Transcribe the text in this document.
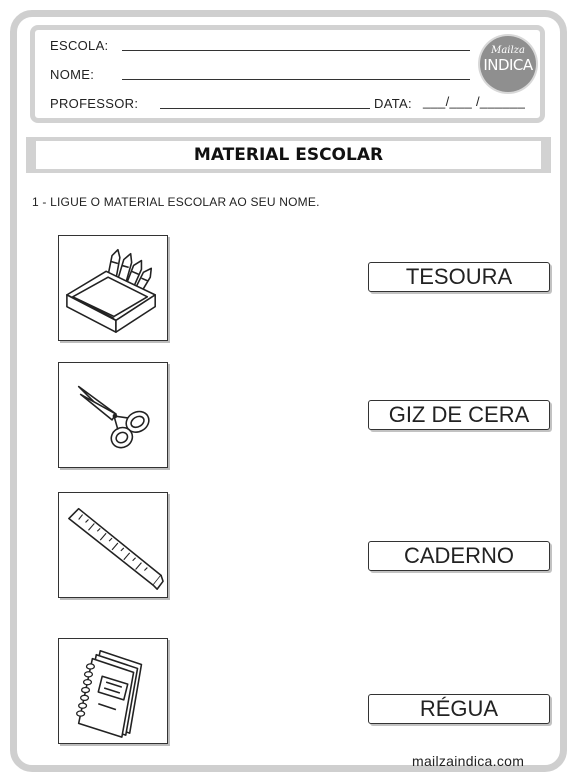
ESCOLA:
NOME:
PROFESSOR:	DATA: ___/___ /______
Mailza
INDICA
MATERIAL ESCOLAR
1 - LIGUE O MATERIAL ESCOLAR AO SEU NOME.
TESOURA
GIZ DE CERA
CADERNO
RÉGUA
mailzaindica.com
